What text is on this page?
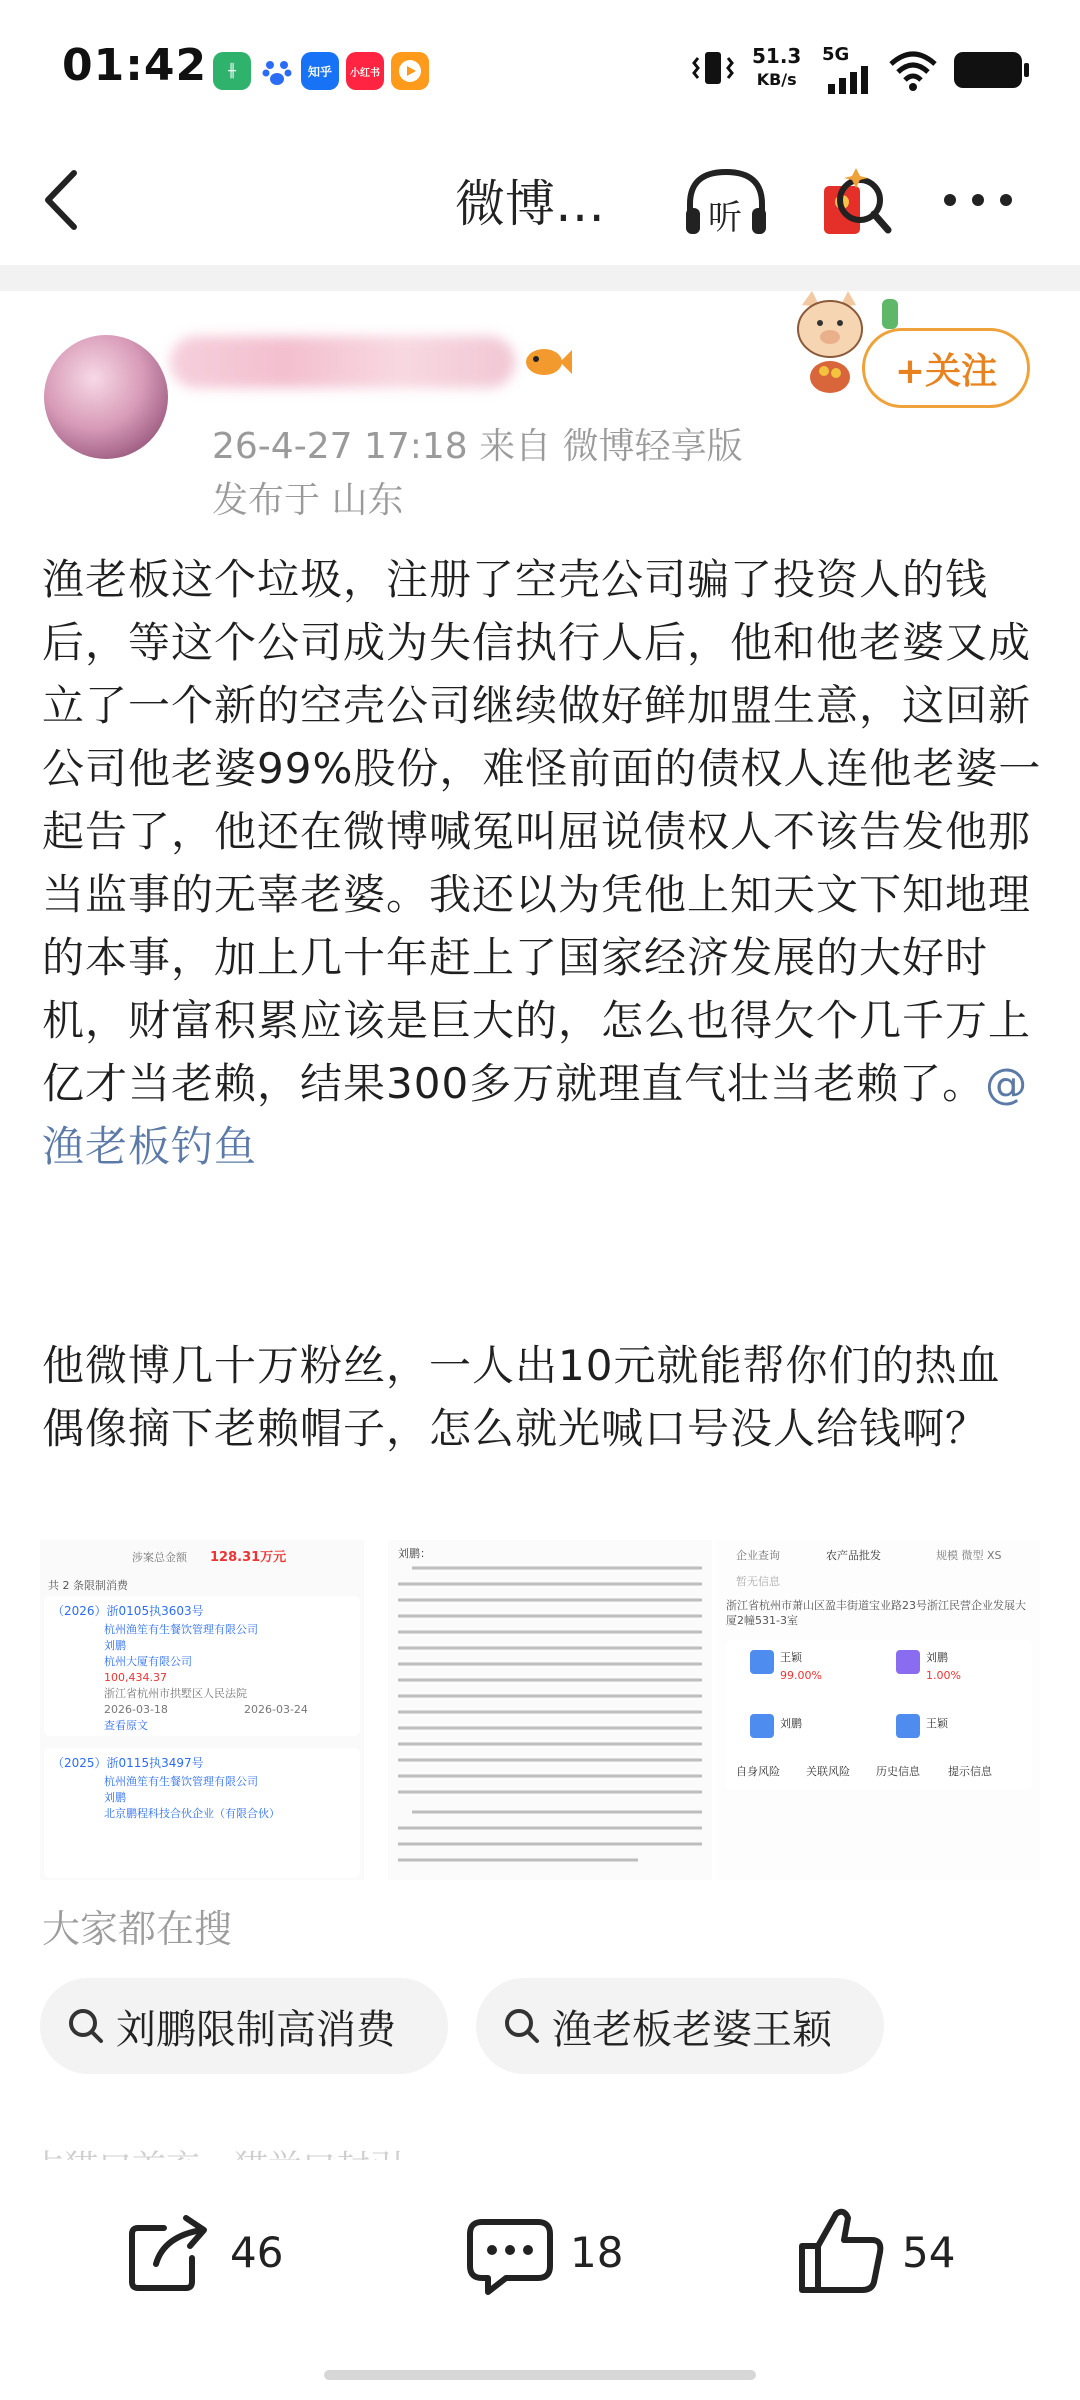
01:42	╫	知乎	小红书
51.3
KB/s
5G
微博…	听
26-4-27 17:18 来自 微博轻享版
发布于 山东
+关注
渔老板这个垃圾，注册了空壳公司骗了投资人的钱后，等这个公司成为失信执行人后，他和他老婆又成立了一个新的空壳公司继续做好鲜加盟生意，这回新公司他老婆99%股份，难怪前面的债权人连他老婆一起告了，他还在微博喊冤叫屈说债权人不该告发他那当监事的无辜老婆。我还以为凭他上知天文下知地理的本事，加上几十年赶上了国家经济发展的大好时机，财富积累应该是巨大的，怎么也得欠个几千万上亿才当老赖，结果300多万就理直气壮当老赖了。@渔老板钓鱼
他微博几十万粉丝，一人出10元就能帮你们的热血偶像摘下老赖帽子，怎么就光喊口号没人给钱啊？
涉案总金额 128.31万元
共 2 条限制消费
（2026）浙0105执3603号
杭州渔笙有生餐饮管理有限公司
刘鹏
杭州大厦有限公司
100,434.37
浙江省杭州市拱墅区人民法院
2026-03-18	2026-03-24
查看原文
（2025）浙0115执3497号
杭州渔笙有生餐饮管理有限公司
刘鹏
北京鹏程科技合伙企业（有限合伙）
刘鹏：	企业查询	农产品批发	规模 微型 XS
暂无信息
浙江省杭州市萧山区盈丰街道宝业路23号浙江民营企业发展大厦2幢531-3室
王颖
99.00%
刘鹏
1.00%
刘鹏	王颖
自身风险 关联风险 历史信息	提示信息
大家都在搜
刘鹏限制高消费	渔老板老婆王颖
46	18	54
